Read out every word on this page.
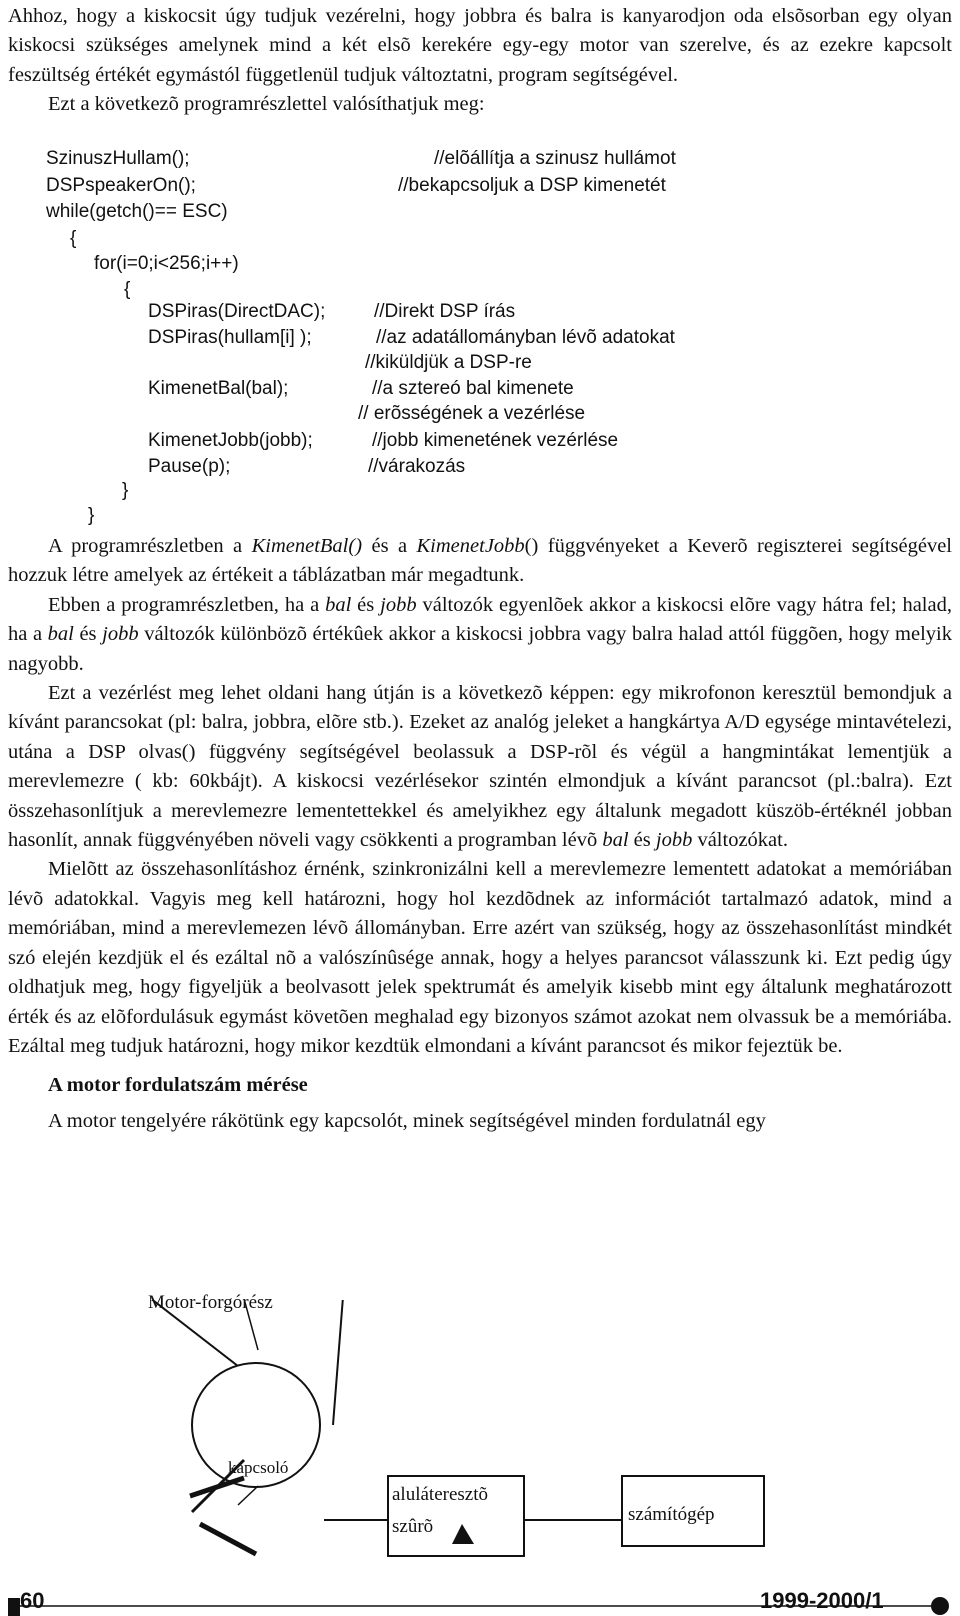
Ahhoz, hogy a kiskocsit úgy tudjuk vezérelni, hogy jobbra és balra is kanyarodjon oda elsõsorban egy olyan kiskocsi szükséges amelynek mind a két elsõ kerekére egy-egy motor van szerelve, és az ezekre kapcsolt feszültség értékét egymástól függetlenül tudjuk változtatni, program segítségével.

Ezt a következõ programrészlettel valósíthatjuk meg:

SzinuszHullam();	//elõállítja a szinusz hullámot
DSPspeakerOn();	//bekapcsoljuk a DSP kimenetét
while(getch()== ESC)
{
for(i=0;i<256;i++)
{
DSPiras(DirectDAC);	//Direkt DSP írás
DSPiras(hullam[i] );	//az adatállományban lévõ adatokat
//kiküldjük a DSP-re
KimenetBal(bal);	//a sztereó bal kimenete
// erõsségének a vezérlése
KimenetJobb(jobb);	//jobb kimenetének vezérlése
Pause(p);	//várakozás
}
}

A programrészletben a KimenetBal() és a KimenetJobb() függvényeket a Keverõ regiszterei segítségével hozzuk létre amelyek az értékeit a táblázatban már megadtunk.

Ebben a programrészletben, ha a bal és jobb változók egyenlõek akkor a kiskocsi elõre vagy hátra fel; halad, ha a bal és jobb változók különbözõ értékûek akkor a kiskocsi jobbra vagy balra halad attól függõen, hogy melyik nagyobb.

Ezt a vezérlést meg lehet oldani hang útján is a következõ képpen: egy mikrofonon keresztül bemondjuk a kívánt parancsokat (pl: balra, jobbra, elõre stb.). Ezeket az analóg jeleket a hangkártya A/D egysége mintavételezi, utána a DSP olvas() függvény segítségével beolassuk a DSP-rõl és végül a hangmintákat lementjük a merevlemezre ( kb: 60kbájt). A kiskocsi vezérlésekor szintén elmondjuk a kívánt parancsot (pl.:balra). Ezt összehasonlítjuk a merevlemezre lementettekkel és amelyikhez egy általunk megadott küszöb-értéknél jobban hasonlít, annak függvényében növeli vagy csökkenti a programban lévõ bal és jobb változókat.

Mielõtt az összehasonlításhoz érnénk, szinkronizálni kell a merevlemezre lementett adatokat a memóriában lévõ adatokkal. Vagyis meg kell határozni, hogy hol kezdõdnek az információt tartalmazó adatok, mind a memóriában, mind a merevlemezen lévõ állományban. Erre azért van szükség, hogy az összehasonlítást mindkét szó elején kezdjük el és ezáltal nõ a valószínûsége annak, hogy a helyes parancsot válasszunk ki. Ezt pedig úgy oldhatjuk meg, hogy figyeljük a beolvasott jelek spektrumát és amelyik kisebb mint egy általunk meghatározott érték és az elõfordulásuk egymást követõen meghalad egy bizonyos számot azokat nem olvassuk be a memóriába. Ezáltal meg tudjuk határozni, hogy mikor kezdtük elmondani a kívánt parancsot és mikor fejeztük be.

A motor fordulatszám mérése

A motor tengelyére rákötünk egy kapcsolót, minek segítségével minden fordulatnál egy

Motor-forgórész
kapcsoló
aluláteresztõ
szûrõ
számítógép
60	1999-2000/1
